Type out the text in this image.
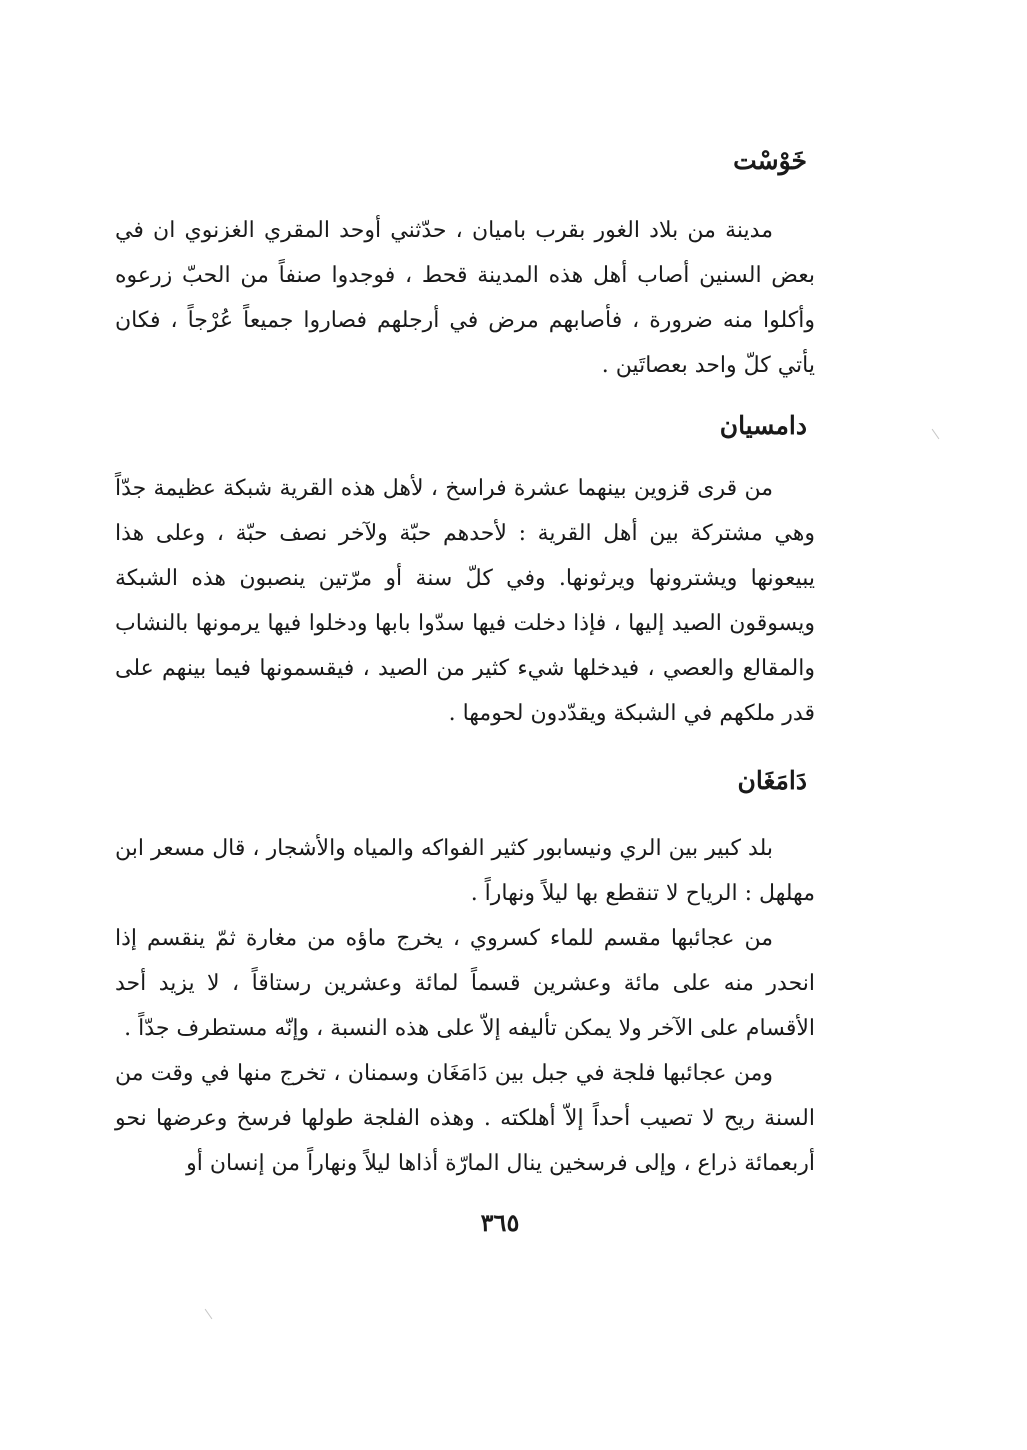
خَوْسْت

مدينة من بلاد الغور بقرب باميان ، حدّثني أوحد المقري الغزنوي ان في بعض السنين أصاب أهل هذه المدينة قحط ، فوجدوا صنفاً من الحبّ زرعوه وأكلوا منه ضرورة ، فأصابهم مرض في أرجلهم فصاروا جميعاً عُرْجاً ، فكان يأتي كلّ واحد بعصاتَين .

دامسيان

من قرى قزوين بينهما عشرة فراسخ ، لأهل هذه القرية شبكة عظيمة جدّاً وهي مشتركة بين أهل القرية : لأحدهم حبّة ولآخر نصف حبّة ، وعلى هذا يبيعونها ويشترونها ويرثونها. وفي كلّ سنة أو مرّتين ينصبون هذه الشبكة ويسوقون الصيد إليها ، فإذا دخلت فيها سدّوا بابها ودخلوا فيها يرمونها بالنشاب والمقالع والعصي ، فيدخلها شيء كثير من الصيد ، فيقسمونها فيما بينهم على قدر ملكهم في الشبكة ويقدّدون لحومها .

دَامَغَان

بلد كبير بين الري ونيسابور كثير الفواكه والمياه والأشجار ، قال مسعر ابن مهلهل : الرياح لا تنقطع بها ليلاً ونهاراً .

من عجائبها مقسم للماء كسروي ، يخرج ماؤه من مغارة ثمّ ينقسم إذا انحدر منه على مائة وعشرين قسماً لمائة وعشرين رستاقاً ، لا يزيد أحد الأقسام على الآخر ولا يمكن تأليفه إلاّ على هذه النسبة ، وإنّه مستطرف جدّاً .

ومن عجائبها فلجة في جبل بين دَامَغَان وسمنان ، تخرج منها في وقت من السنة ريح لا تصيب أحداً إلاّ أهلكته . وهذه الفلجة طولها فرسخ وعرضها نحو أربعمائة ذراع ، وإلى فرسخين ينال المارّة أذاها ليلاً ونهاراً من إنسان أو

٣٦٥
